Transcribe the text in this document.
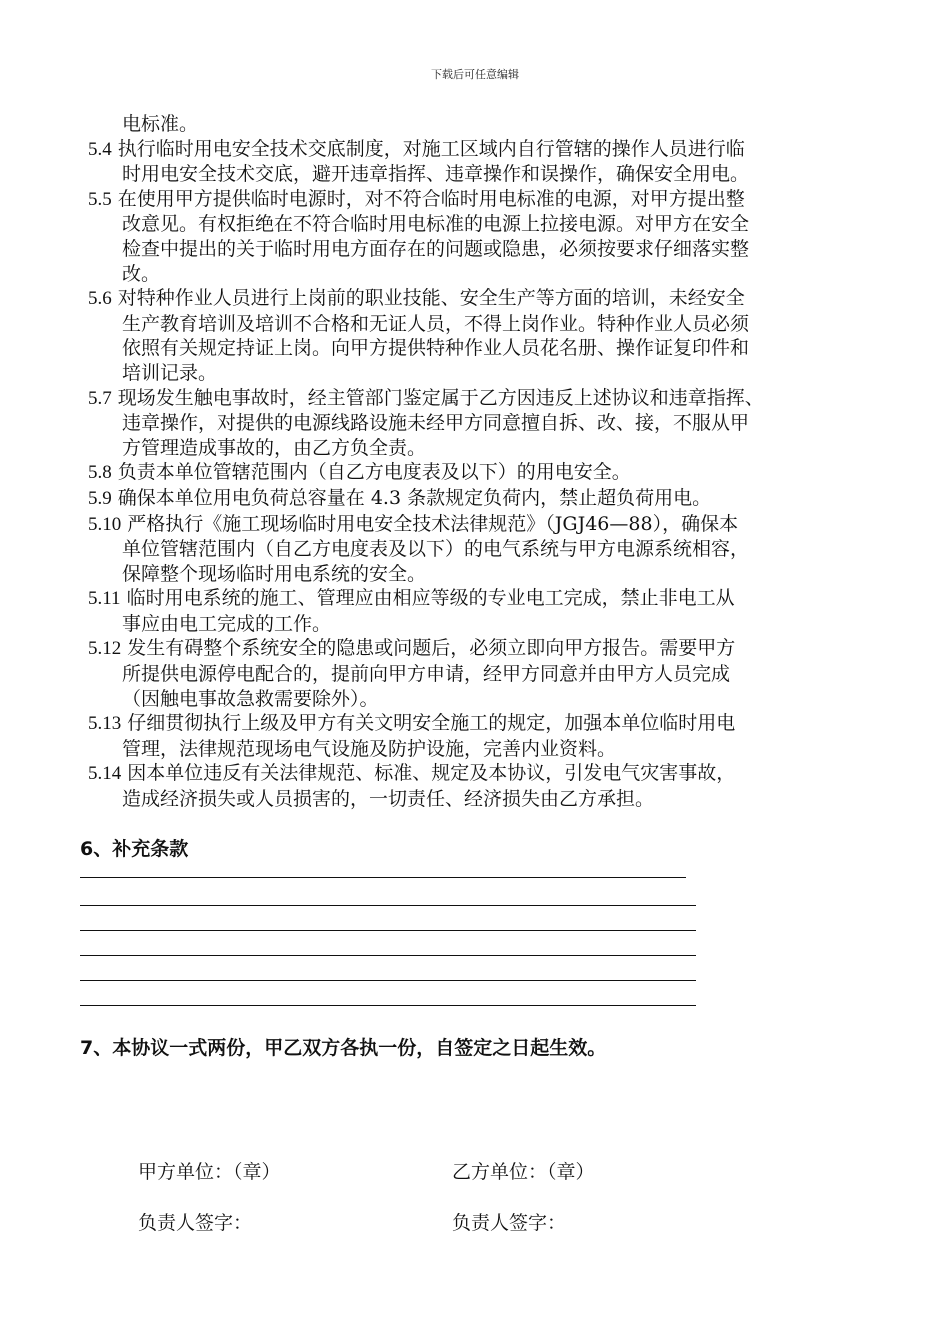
下载后可任意编辑
电标准。
5.4 执行临时用电安全技术交底制度，对施工区域内自行管辖的操作人员进行临
时用电安全技术交底，避开违章指挥、违章操作和误操作，确保安全用电。
5.5 在使用甲方提供临时电源时，对不符合临时用电标准的电源，对甲方提出整
改意见。有权拒绝在不符合临时用电标准的电源上拉接电源。对甲方在安全
检查中提出的关于临时用电方面存在的问题或隐患，必须按要求仔细落实整
改。
5.6 对特种作业人员进行上岗前的职业技能、安全生产等方面的培训，未经安全
生产教育培训及培训不合格和无证人员，不得上岗作业。特种作业人员必须
依照有关规定持证上岗。向甲方提供特种作业人员花名册、操作证复印件和
培训记录。
5.7 现场发生触电事故时，经主管部门鉴定属于乙方因违反上述协议和违章指挥、
违章操作，对提供的电源线路设施未经甲方同意擅自拆、改、接，不服从甲
方管理造成事故的，由乙方负全责。
5.8 负责本单位管辖范围内（自乙方电度表及以下）的用电安全。
5.9 确保本单位用电负荷总容量在 4.3 条款规定负荷内，禁止超负荷用电。
5.10 严格执行《施工现场临时用电安全技术法律规范》（JGJ46—88），确保本
单位管辖范围内（自乙方电度表及以下）的电气系统与甲方电源系统相容，
保障整个现场临时用电系统的安全。
5.11 临时用电系统的施工、管理应由相应等级的专业电工完成，禁止非电工从
事应由电工完成的工作。
5.12 发生有碍整个系统安全的隐患或问题后，必须立即向甲方报告。需要甲方
所提供电源停电配合的，提前向甲方申请，经甲方同意并由甲方人员完成
（因触电事故急救需要除外）。
5.13 仔细贯彻执行上级及甲方有关文明安全施工的规定，加强本单位临时用电
管理，法律规范现场电气设施及防护设施，完善内业资料。
5.14 因本单位违反有关法律规范、标准、规定及本协议，引发电气灾害事故，
造成经济损失或人员损害的，一切责任、经济损失由乙方承担。
6、补充条款
7、本协议一式两份，甲乙双方各执一份，自签定之日起生效。
甲方单位：（章）	乙方单位：（章）
负责人签字：	负责人签字：
